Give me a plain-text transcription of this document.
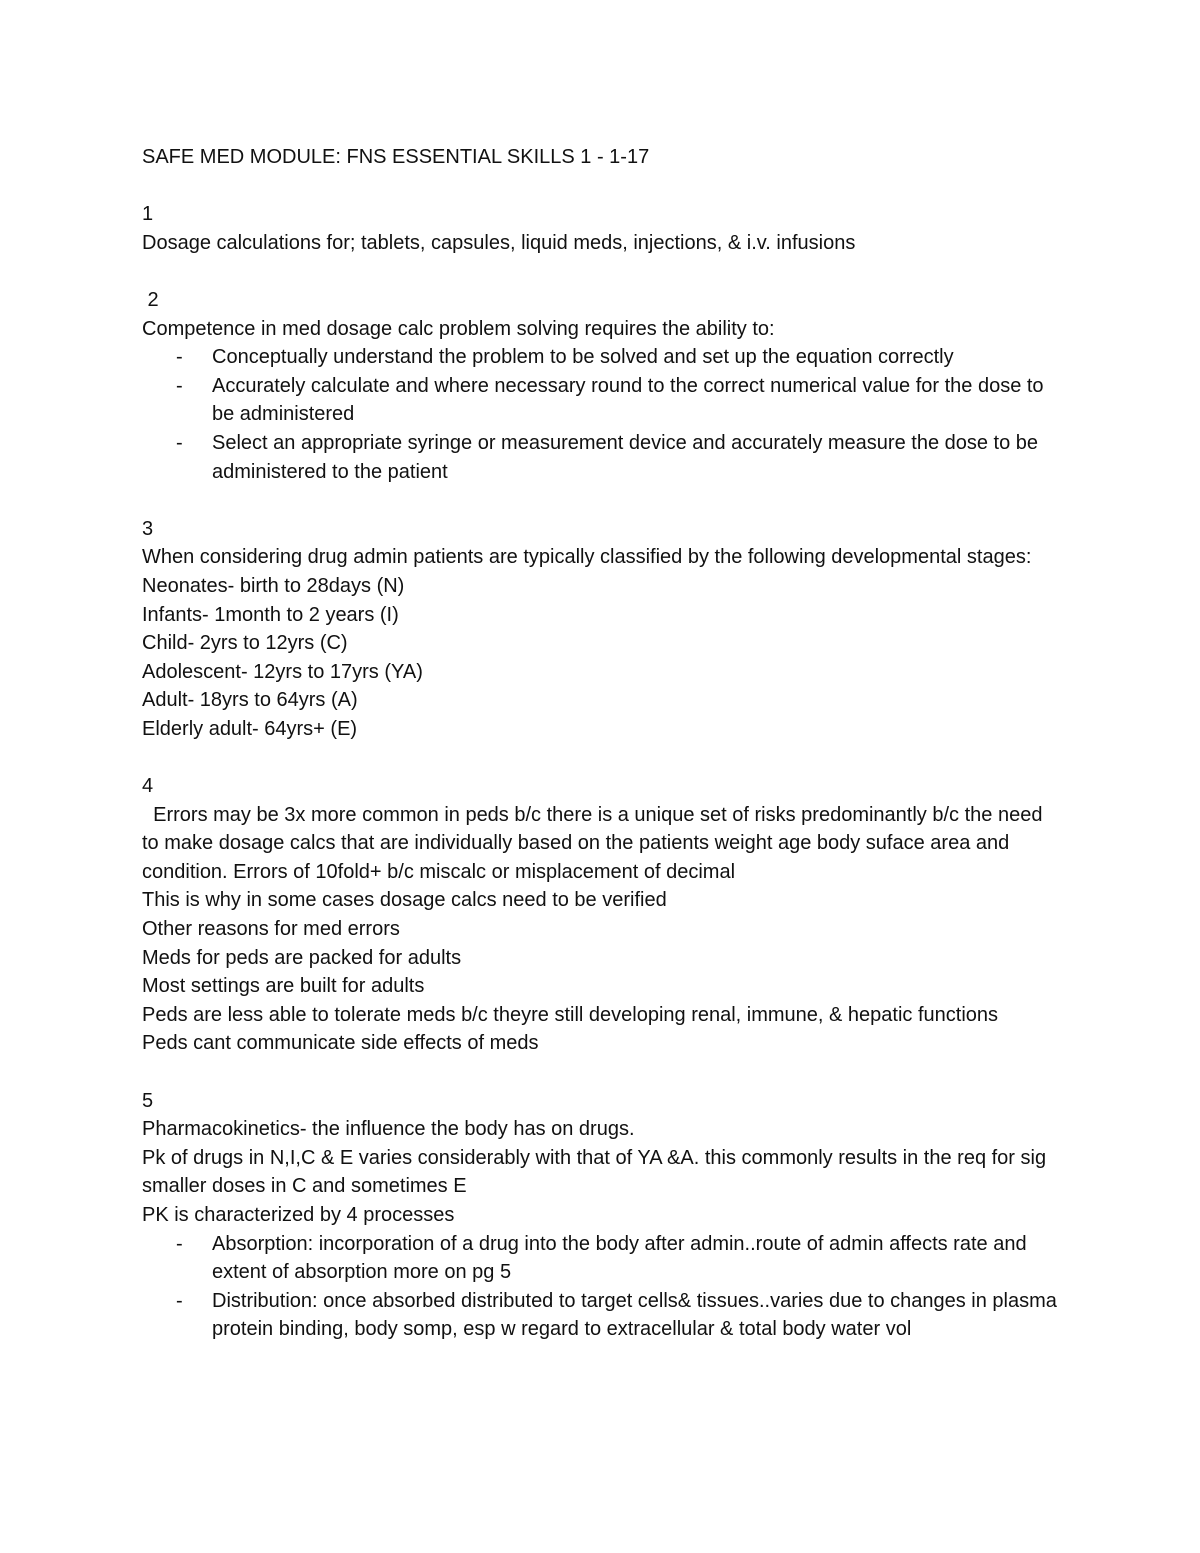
SAFE MED MODULE: FNS ESSENTIAL SKILLS 1 - 1-17

1
Dosage calculations for; tablets, capsules, liquid meds, injections, & i.v. infusions
2
Competence in med dosage calc problem solving requires the ability to:
- Conceptually understand the problem to be solved and set up the equation correctly
- Accurately calculate and where necessary round to the correct numerical value for the dose to be administered
- Select an appropriate syringe or measurement device and accurately measure the dose to be administered to the patient
3
When considering drug admin patients are typically classified by the following developmental stages:
Neonates- birth to 28days (N)
Infants- 1month to 2 years (I)
Child- 2yrs to 12yrs (C)
Adolescent- 12yrs to 17yrs (YA)
Adult- 18yrs to 64yrs (A)
Elderly adult- 64yrs+ (E)
4
Errors may be 3x more common in peds b/c there is a unique set of risks predominantly b/c the need to make dosage calcs that are individually based on the patients weight age body suface area and condition. Errors of 10fold+ b/c miscalc or misplacement of decimal
This is why in some cases dosage calcs need to be verified
Other reasons for med errors
Meds for peds are packed for adults
Most settings are built for adults
Peds are less able to tolerate meds b/c theyre still developing renal, immune, & hepatic functions
Peds cant communicate side effects of meds
5
Pharmacokinetics- the influence the body has on drugs.
Pk of drugs in N,I,C & E varies considerably with that of YA &A. this commonly results in the req for sig smaller doses in C and sometimes E
PK is characterized by 4 processes
- Absorption: incorporation of a drug into the body after admin..route of admin affects rate and extent of absorption more on pg 5
- Distribution: once absorbed distributed to target cells& tissues..varies due to changes in plasma protein binding, body somp, esp w regard to extracellular & total body water vol
